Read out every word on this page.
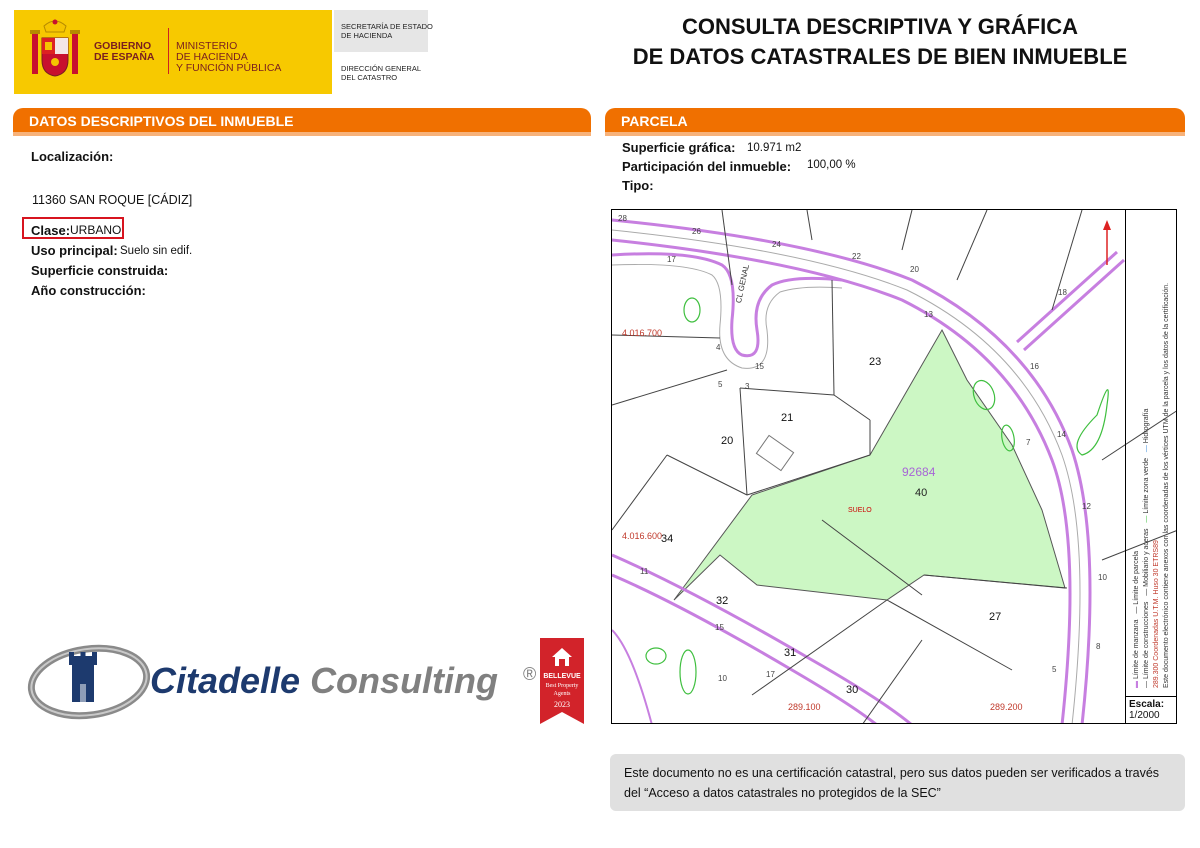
GOBIERNO
DE ESPAÑA
MINISTERIO
DE HACIENDA
Y FUNCIÓN PÚBLICA
SECRETARÍA DE ESTADO
DE HACIENDA
DIRECCIÓN GENERAL
DEL CATASTRO
CONSULTA DESCRIPTIVA Y GRÁFICA
DE DATOS CATASTRALES DE BIEN INMUEBLE
DATOS DESCRIPTIVOS DEL INMUEBLE
Localización:
11360 SAN ROQUE [CÁDIZ]
Clase: URBANO
Uso principal: Suelo sin edif.
Superficie construida:
Año construcción:
Citadelle Consulting ®	BELLEVUE
Best Property
Agents
2023
PARCELA
Superficie gráfica: 10.971 m2
Participación del inmueble: 100,00 %
Tipo:
92684
40
SUELO
CL GENAL
4.016.700
4.016.600
289.100	289.200
23
21
20
34
32
31
30
27
28
26
24
22
20
17
13
16
14
7
12
10
8
5
4
15
5	3
18
11
15
17
10
▬ Límite de manzana   — Límite de parcela
— Límite de construcciones   — Mobiliario y aceras   — Límite zona verde   — Hidrografía
289.300 Coordenadas U.T.M. Huso 30 ETRS89 Este documento electrónico contiene anexos con las coordenadas de los vértices UTM de la parcela y los datos de la certificación.
Escala:
1/2000
Este documento no es una certificación catastral, pero sus datos pueden ser verificados a través del “Acceso a datos catastrales no protegidos de la SEC”
